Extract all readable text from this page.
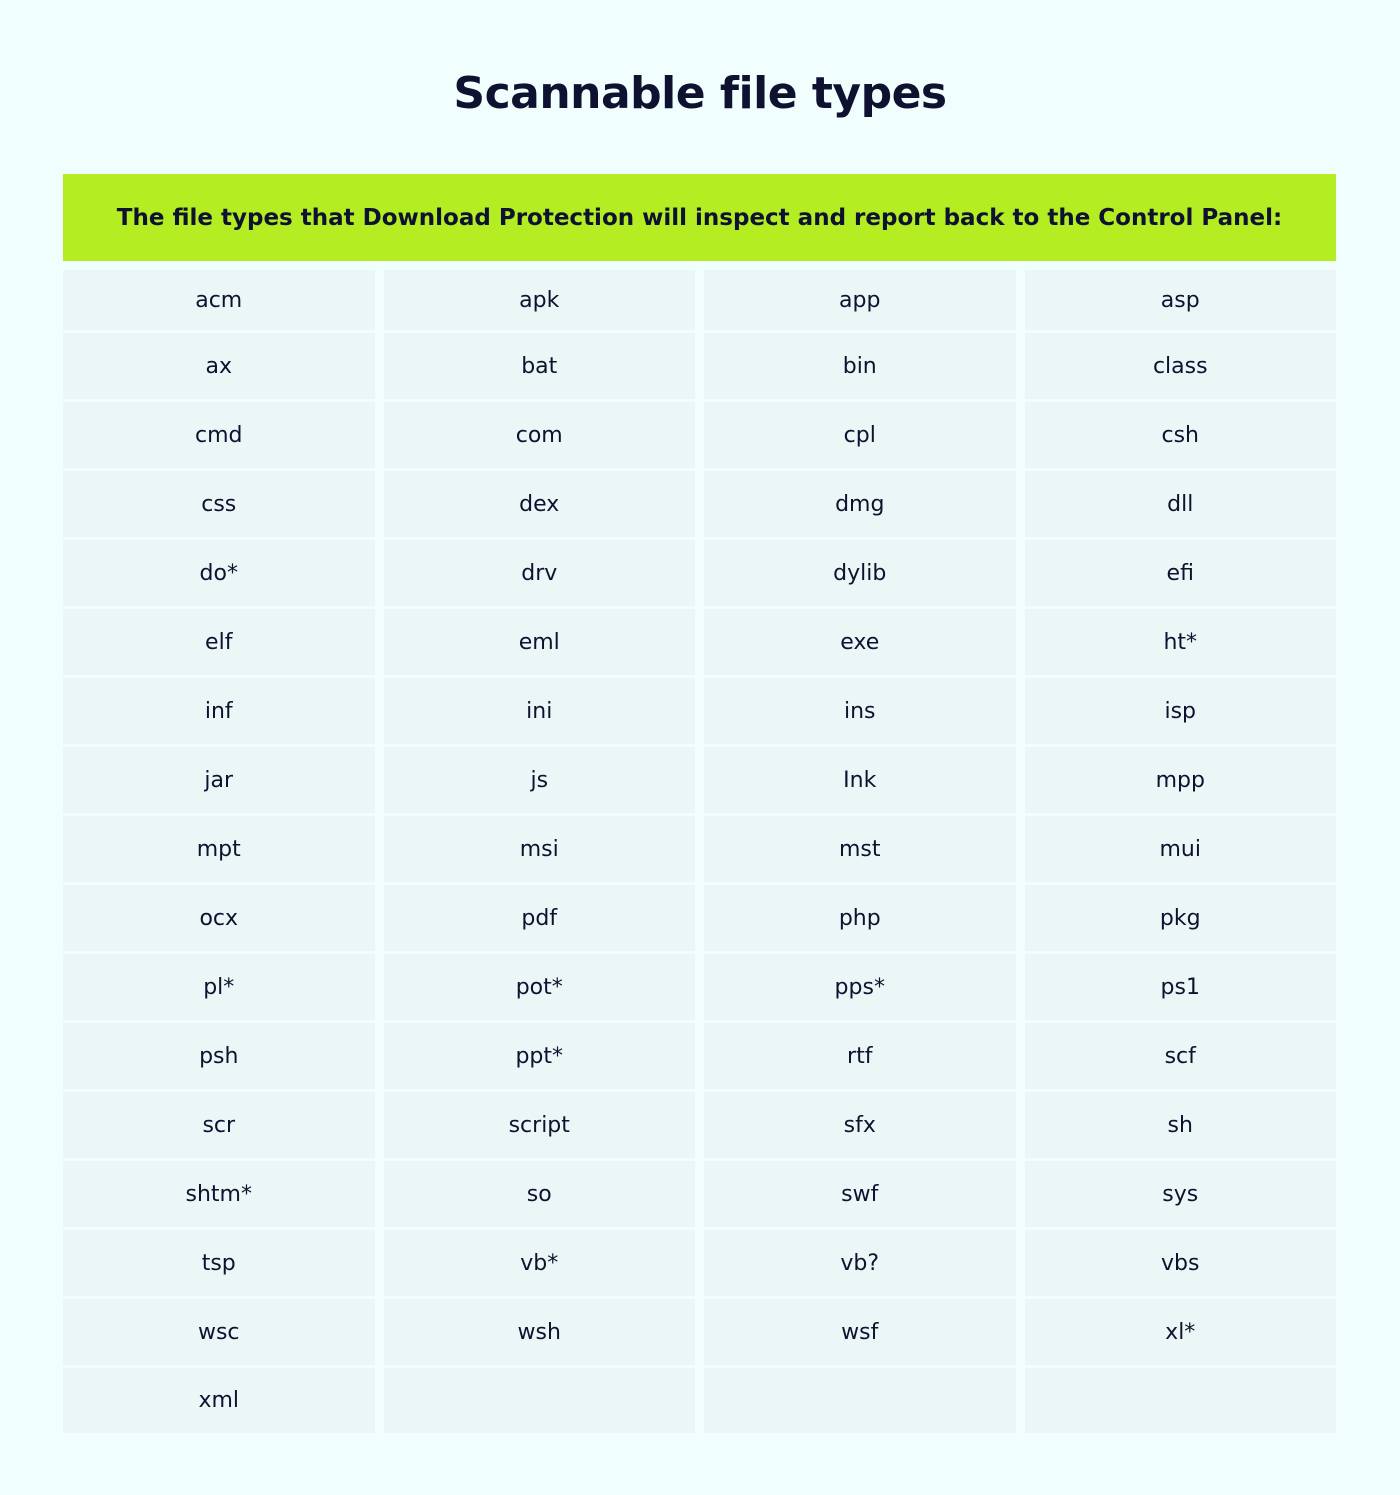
Scannable file types
The file types that Download Protection will inspect and report back to the Control Panel:
acm	apk	app	asp
ax	bat	bin	class
cmd	com	cpl	csh
css	dex	dmg	dll
do*	drv	dylib	efi
elf	eml	exe	ht*
inf	ini	ins	isp
jar	js	Ink	mpp
mpt	msi	mst	mui
ocx	pdf	php	pkg
pl*	pot*	pps*	ps1
psh	ppt*	rtf	scf
scr	script	sfx	sh
shtm*	so	swf	sys
tsp	vb*	vb?	vbs
wsc	wsh	wsf	xl*
xml
